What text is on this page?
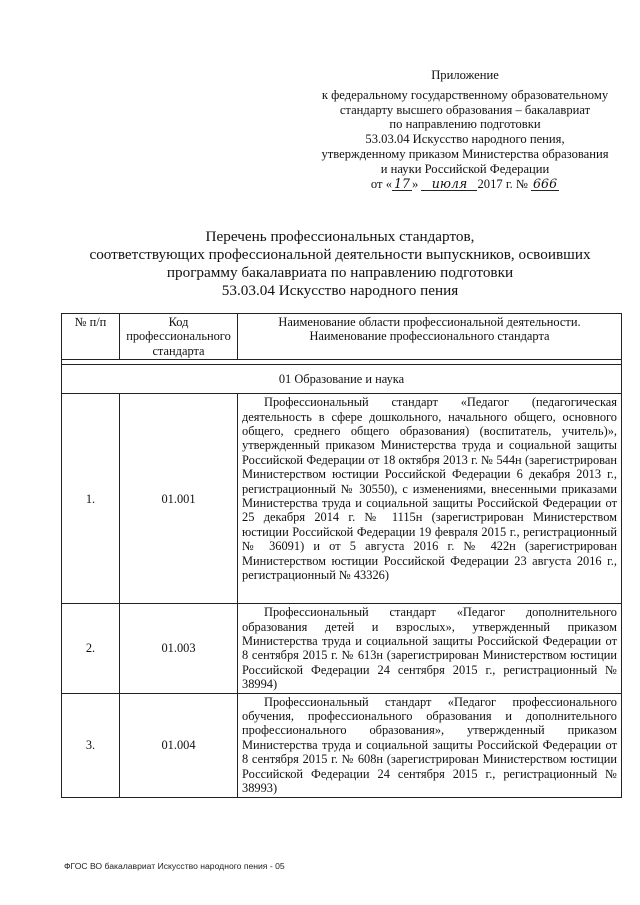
Приложение
к федеральному государственному образовательному
стандарту высшего образования – бакалавриат
по направлению подготовки
53.03.04 Искусство народного пения,
утвержденному приказом Министерства образования
и науки Российской Федерации
от « 17 » июля 2017 г. № 666
Перечень профессиональных стандартов,
соответствующих профессиональной деятельности выпускников, освоивших
программу бакалавриата по направлению подготовки
53.03.04 Искусство народного пения
№ п/п	Код профессионального стандарта	Наименование области профессиональной деятельности.
Наименование профессионального стандарта

01 Образование и наука		
1.	01.001	Профессиональный стандарт «Педагог (педагогическая деятельность в сфере дошкольного, начального общего, основного общего, среднего общего образования) (воспитатель, учитель)», утвержденный приказом Министерства труда и социальной защиты Российской Федерации от 18 октября 2013 г. № 544н (зарегистрирован Министерством юстиции Российской Федерации 6 декабря 2013 г., регистрационный № 30550), с изменениями, внесенными приказами Министерства труда и социальной защиты Российской Федерации от 25 декабря 2014 г. № 1115н (зарегистрирован Министерством юстиции Российской Федерации 19 февраля 2015 г., регистрационный № 36091) и от 5 августа 2016 г. № 422н (зарегистрирован Министерством юстиции Российской Федерации 23 августа 2016 г., регистрационный № 43326)
2.	01.003	Профессиональный стандарт «Педагог дополнительного образования детей и взрослых», утвержденный приказом Министерства труда и социальной защиты Российской Федерации от 8 сентября 2015 г. № 613н (зарегистрирован Министерством юстиции Российской Федерации 24 сентября 2015 г., регистрационный № 38994)
3.	01.004	Профессиональный стандарт «Педагог профессионального обучения, профессионального образования и дополнительного профессионального образования», утвержденный приказом Министерства труда и социальной защиты Российской Федерации от 8 сентября 2015 г. № 608н (зарегистрирован Министерством юстиции Российской Федерации 24 сентября 2015 г., регистрационный № 38993)
ФГОС ВО бакалавриат Искусство народного пения - 05
